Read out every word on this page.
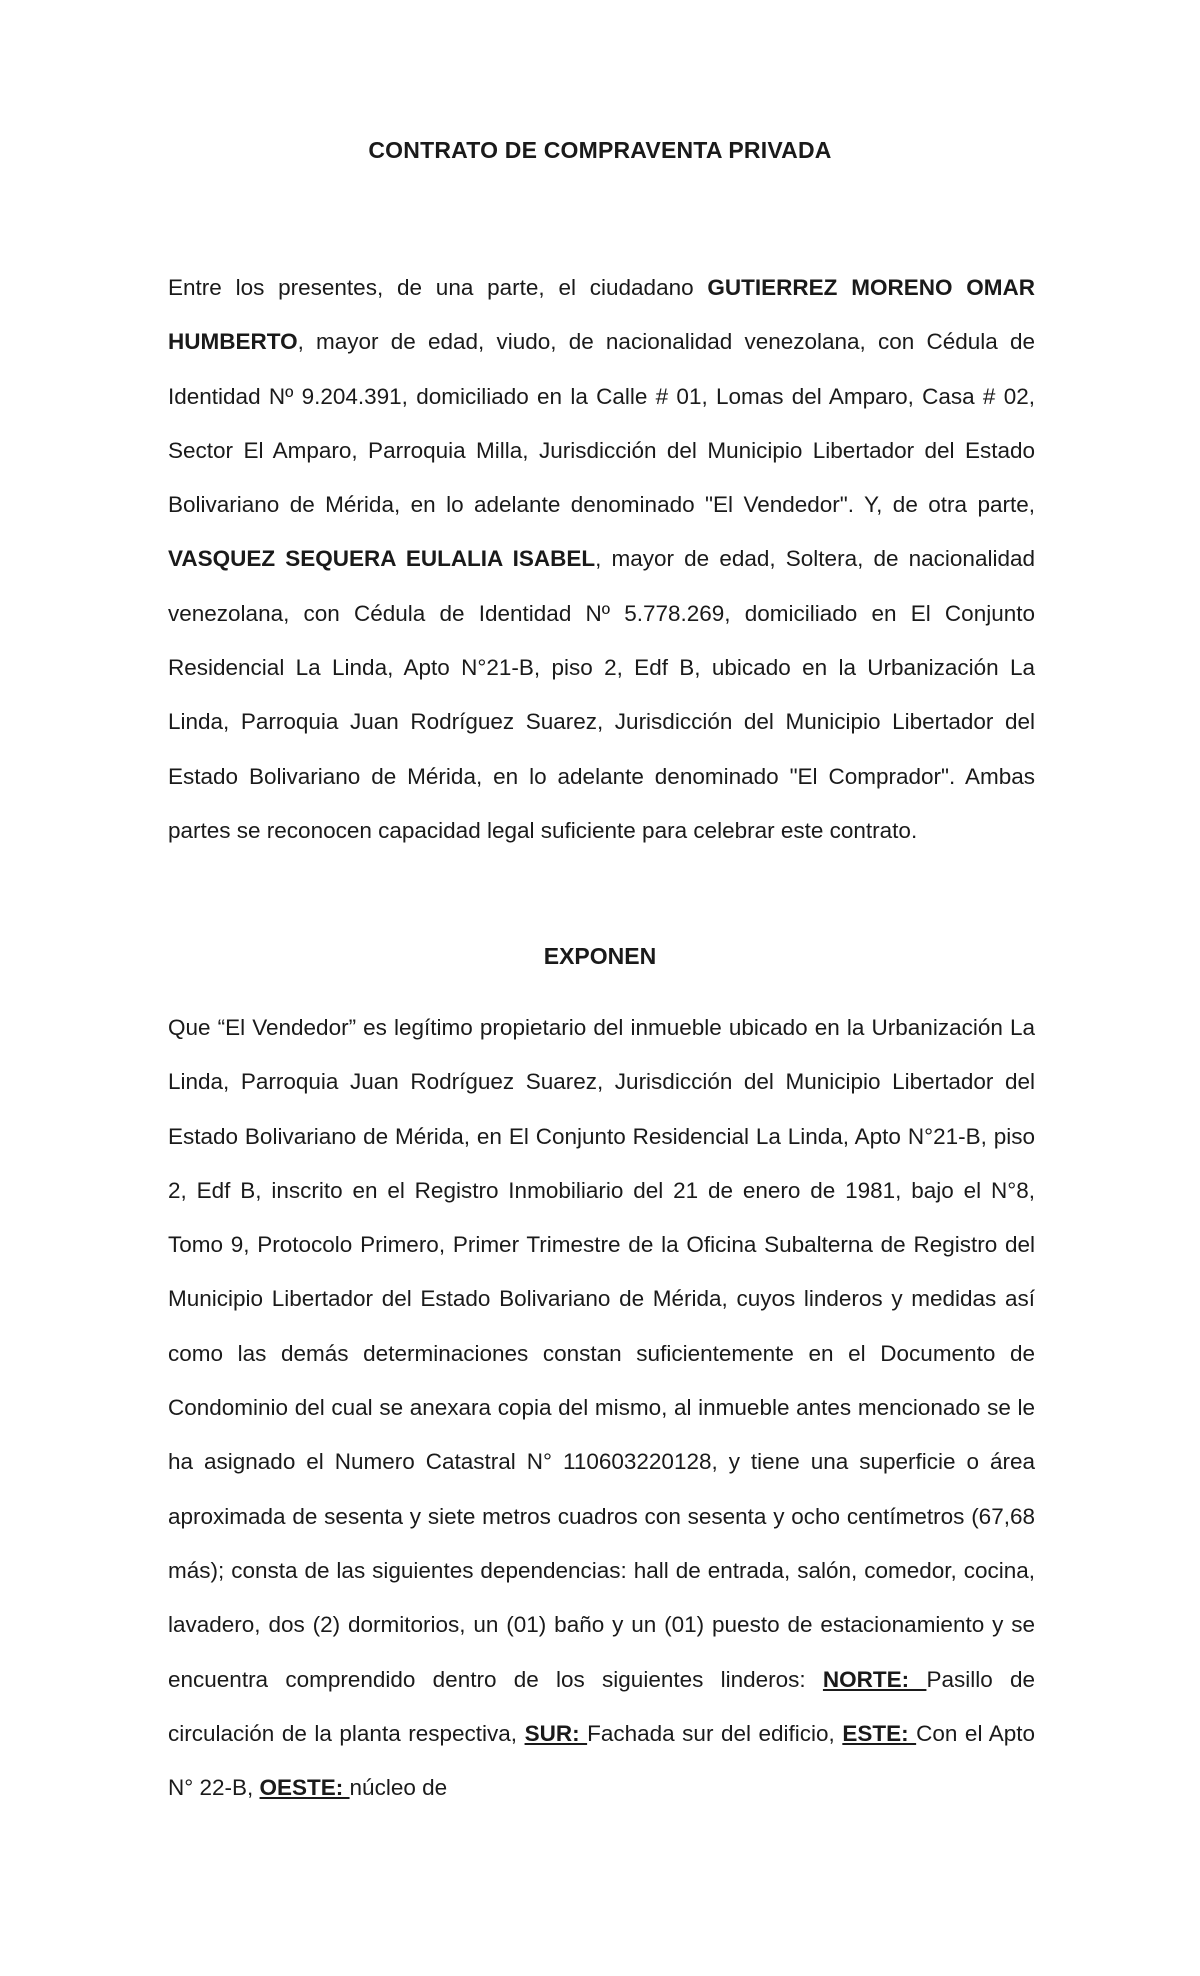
CONTRATO DE COMPRAVENTA PRIVADA

Entre los presentes, de una parte, el ciudadano GUTIERREZ MORENO OMAR HUMBERTO, mayor de edad, viudo, de nacionalidad venezolana, con Cédula de Identidad Nº 9.204.391, domiciliado en la Calle # 01, Lomas del Amparo, Casa # 02, Sector El Amparo, Parroquia Milla, Jurisdicción del Municipio Libertador del Estado Bolivariano de Mérida, en lo adelante denominado "El Vendedor". Y, de otra parte, VASQUEZ SEQUERA EULALIA ISABEL, mayor de edad, Soltera, de nacionalidad venezolana, con Cédula de Identidad Nº 5.778.269, domiciliado en El Conjunto Residencial La Linda, Apto N°21-B, piso 2, Edf B, ubicado en la Urbanización La Linda, Parroquia Juan Rodríguez Suarez, Jurisdicción del Municipio Libertador del Estado Bolivariano de Mérida, en lo adelante denominado "El Comprador". Ambas partes se reconocen capacidad legal suficiente para celebrar este contrato.

EXPONEN

Que “El Vendedor” es legítimo propietario del inmueble ubicado en la Urbanización La Linda, Parroquia Juan Rodríguez Suarez, Jurisdicción del Municipio Libertador del Estado Bolivariano de Mérida, en El Conjunto Residencial La Linda, Apto N°21-B, piso 2, Edf B, inscrito en el Registro Inmobiliario del 21 de enero de 1981, bajo el N°8, Tomo 9, Protocolo Primero, Primer Trimestre de la Oficina Subalterna de Registro del Municipio Libertador del Estado Bolivariano de Mérida, cuyos linderos y medidas así como las demás determinaciones constan suficientemente en el Documento de Condominio del cual se anexara copia del mismo, al inmueble antes mencionado se le ha asignado el Numero Catastral N° 110603220128, y tiene una superficie o área aproximada de sesenta y siete metros cuadros con sesenta y ocho centímetros (67,68 más); consta de las siguientes dependencias: hall de entrada, salón, comedor, cocina, lavadero, dos (2) dormitorios, un (01) baño y un (01) puesto de estacionamiento y se encuentra comprendido dentro de los siguientes linderos: NORTE: Pasillo de circulación de la planta respectiva, SUR: Fachada sur del edificio, ESTE: Con el Apto N° 22-B, OESTE: núcleo de
